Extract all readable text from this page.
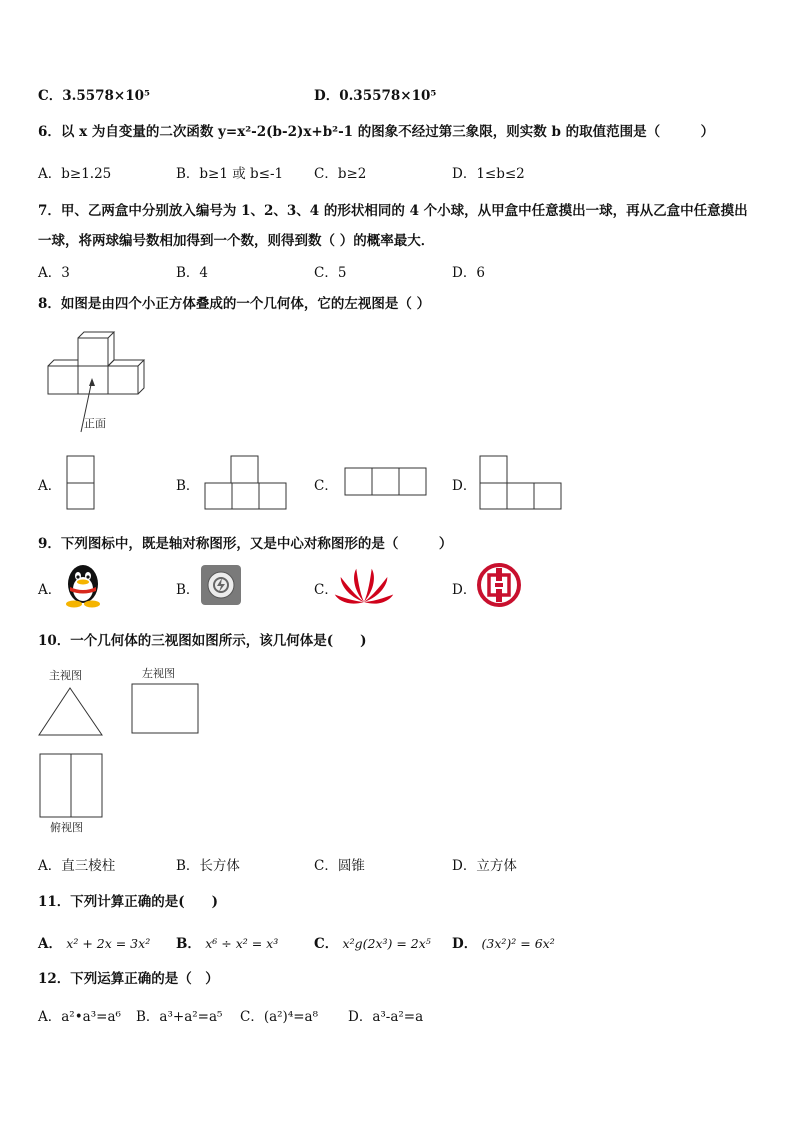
C．3.5578×10⁵	D．0.35578×10⁵
6．以 x 为自变量的二次函数 y=x²-2(b-2)x+b²-1 的图象不经过第三象限，则实数 b 的取值范围是（　　　）
A．b≥1.25	B．b≥1 或 b≤-1 C．b≥2	D．1≤b≤2
7．甲、乙两盒中分别放入编号为 1、2、3、4 的形状相同的 4 个小球，从甲盒中任意摸出一球，再从乙盒中任意摸出
一球，将两球编号数相加得到一个数，则得到数（ ）的概率最大．
A．3	B．4	C．5	D．6
8．如图是由四个小正方体叠成的一个几何体，它的左视图是（ ）
正面
A．	B．	C．	D．
9．下列图标中，既是轴对称图形，又是中心对称图形的是（　　　）
A．	B．	C．	D．
10．一个几何体的三视图如图所示，该几何体是(　　)
主视图	左视图
俯视图
A．直三棱柱	B．长方体	C．圆锥	D．立方体
11．下列计算正确的是(　　)
A． x² + 2x = 3x² B． x⁶ ÷ x² = x³	C． x²g(2x³) = 2x⁵ D． (3x²)² = 6x²
12．下列运算正确的是（　）
A．a²•a³=a⁶ B．a³+a²=a⁵ C．(a²)⁴=a⁸ D．a³-a²=a
